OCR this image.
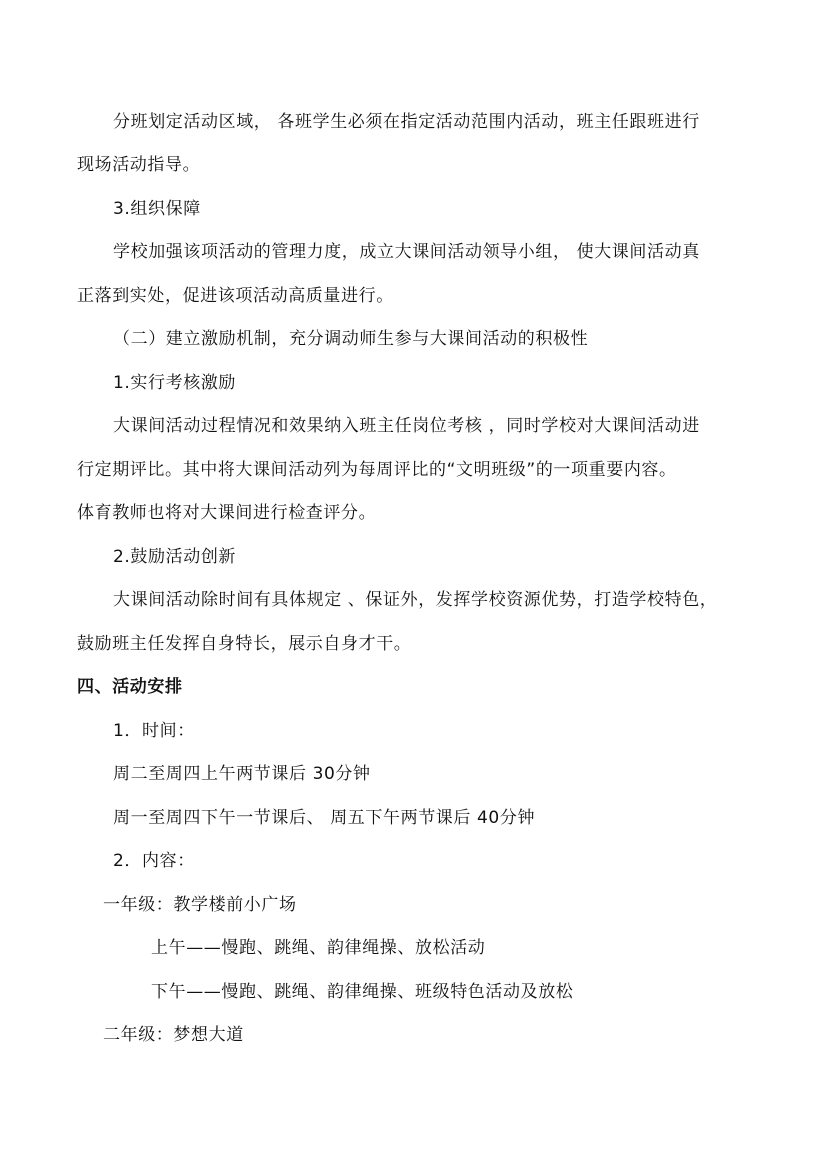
分班划定活动区域， 各班学生必须在指定活动范围内活动，班主任跟班进行
现场活动指导。
3.组织保障
学校加强该项活动的管理力度，成立大课间活动领导小组， 使大课间活动真
正落到实处，促进该项活动高质量进行。
（二）建立激励机制，充分调动师生参与大课间活动的积极性
1.实行考核激励
大课间活动过程情况和效果纳入班主任岗位考核 ，同时学校对大课间活动进
行定期评比。其中将大课间活动列为每周评比的“文明班级”的一项重要内容。
体育教师也将对大课间进行检查评分。
2.鼓励活动创新
大课间活动除时间有具体规定 、保证外，发挥学校资源优势，打造学校特色，
鼓励班主任发挥自身特长，展示自身才干。
四、活动安排
1．时间：
周二至周四上午两节课后 30分钟
周一至周四下午一节课后、 周五下午两节课后 40分钟
2．内容：
一年级：教学楼前小广场
上午——慢跑、跳绳、韵律绳操、放松活动
下午——慢跑、跳绳、韵律绳操、班级特色活动及放松
二年级：梦想大道
